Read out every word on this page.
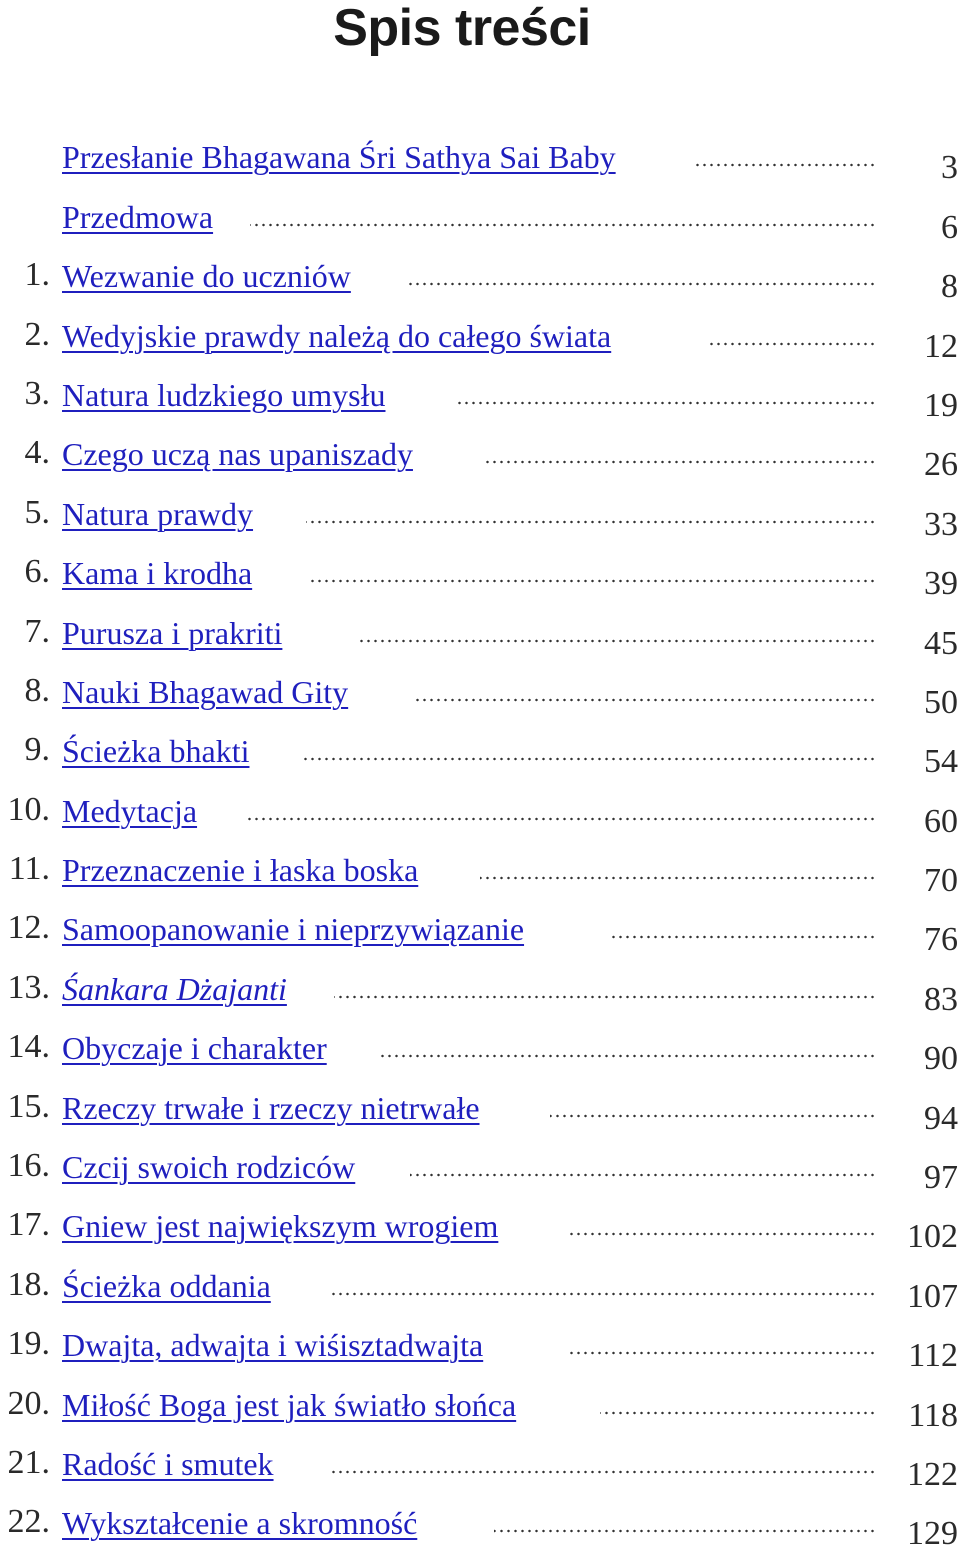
Spis treści
Przesłanie Bhagawana Śri Sathya Sai Baby	3
Przedmowa	6
1. Wezwanie do uczniów	8
2. Wedyjskie prawdy należą do całego świata	12
3. Natura ludzkiego umysłu	19
4. Czego uczą nas upaniszady	26
5. Natura prawdy	33
6. Kama i krodha	39
7. Purusza i prakriti	45
8. Nauki Bhagawad Gity	50
9. Ścieżka bhakti	54
10. Medytacja	60
11. Przeznaczenie i łaska boska	70
12. Samoopanowanie i nieprzywiązanie	76
13. Śankara Dżajanti	83
14. Obyczaje i charakter	90
15. Rzeczy trwałe i rzeczy nietrwałe	94
16. Czcij swoich rodziców	97
17. Gniew jest największym wrogiem	102
18. Ścieżka oddania	107
19. Dwajta, adwajta i wiśisztadwajta	112
20. Miłość Boga jest jak światło słońca	118
21. Radość i smutek	122
22. Wykształcenie a skromność	129
